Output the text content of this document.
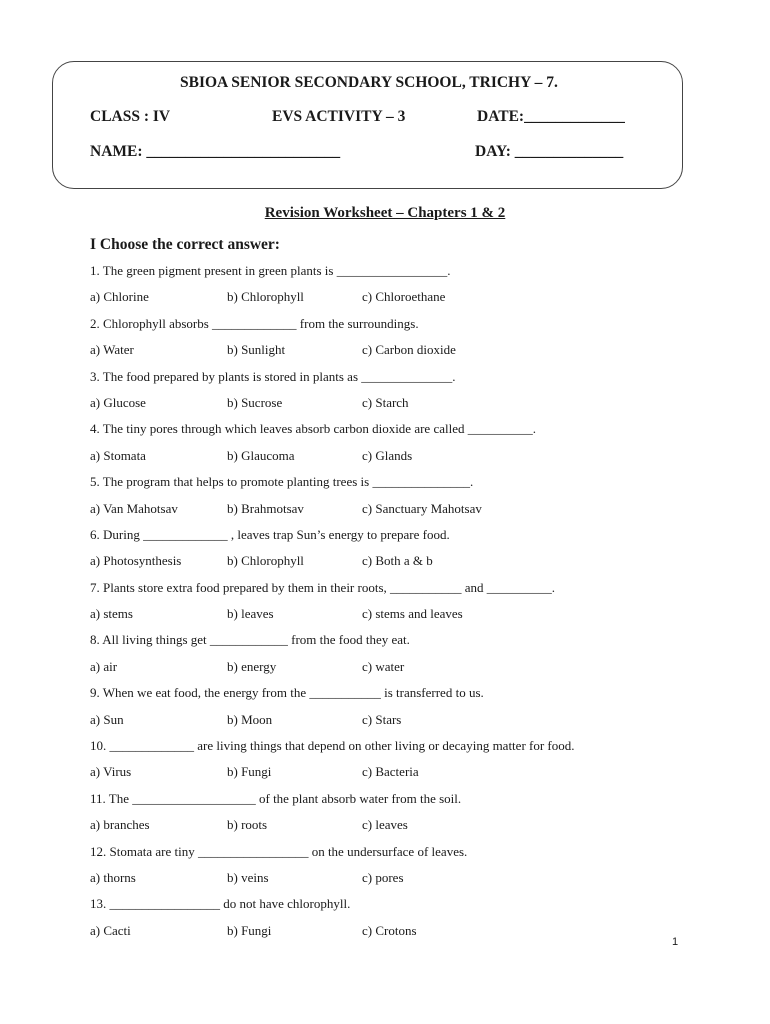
SBIOA SENIOR SECONDARY SCHOOL, TRICHY – 7.
CLASS : IV	EVS ACTIVITY – 3	DATE:_____________
NAME: _________________________	DAY: ______________
Revision Worksheet – Chapters 1 & 2
I Choose the correct answer:
1. The green pigment present in green plants is _________________.
a) Chlorine	b) Chlorophyll	c) Chloroethane
2. Chlorophyll absorbs _____________ from the surroundings.
a) Water	b) Sunlight	c) Carbon dioxide
3. The food prepared by plants is stored in plants as ______________.
a) Glucose	b) Sucrose	c) Starch
4. The tiny pores through which leaves absorb carbon dioxide are called __________.
a) Stomata	b) Glaucoma	c) Glands
5. The program that helps to promote planting trees is _______________.
a) Van Mahotsav	b) Brahmotsav	c) Sanctuary Mahotsav
6. During _____________ , leaves trap Sun’s energy to prepare food.
a) Photosynthesis	b) Chlorophyll	c) Both a & b
7. Plants store extra food prepared by them in their roots, ___________ and __________.
a) stems	b) leaves	c) stems and leaves
8. All living things get ____________ from the food they eat.
a) air	b) energy	c) water
9. When we eat food, the energy from the ___________ is transferred to us.
a) Sun	b) Moon	c) Stars
10. _____________ are living things that depend on other living or decaying matter for food.
a) Virus	b) Fungi	c) Bacteria
11. The ___________________ of the plant absorb water from the soil.
a) branches	b) roots	c) leaves
12. Stomata are tiny _________________ on the undersurface of leaves.
a) thorns	b) veins	c) pores
13. _________________ do not have chlorophyll.
a) Cacti	b) Fungi	c) Crotons
1
